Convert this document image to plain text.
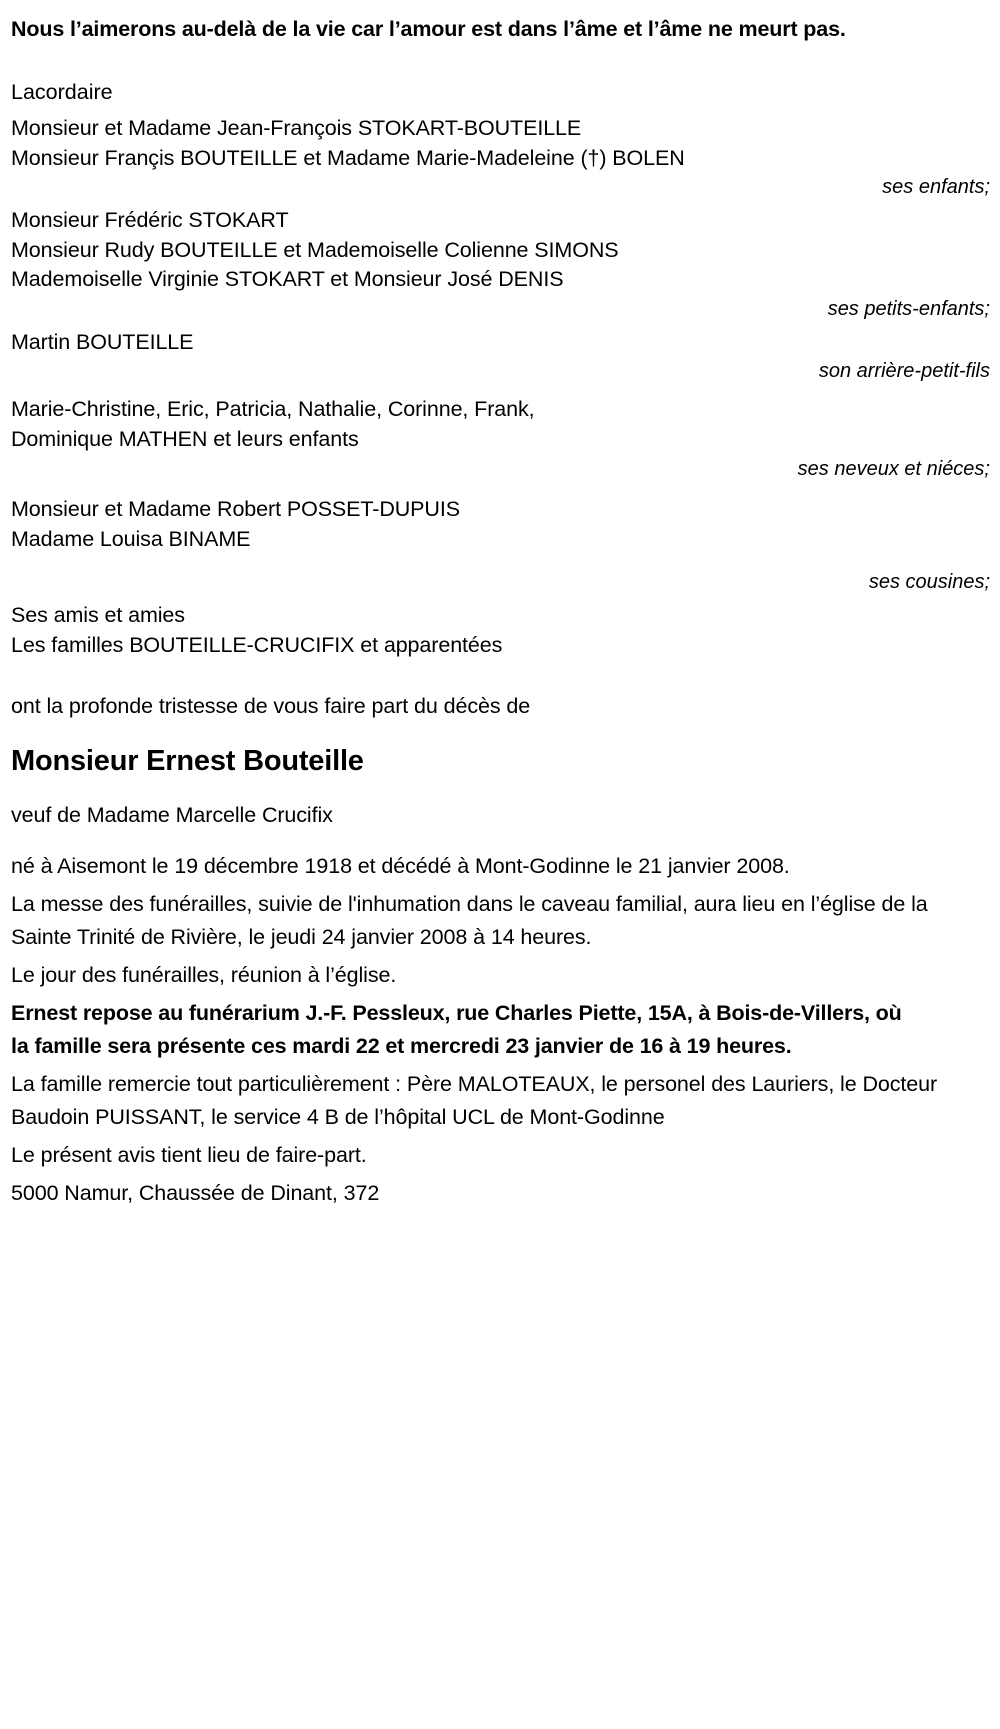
Nous l’aimerons au-delà de la vie car l’amour est dans l’âme et l’âme ne meurt pas.
Lacordaire
Monsieur et Madame Jean-François STOKART-BOUTEILLE
Monsieur Françis BOUTEILLE et Madame Marie-Madeleine (†) BOLEN
ses enfants;
Monsieur Frédéric STOKART
Monsieur Rudy BOUTEILLE et Mademoiselle Colienne SIMONS
Mademoiselle Virginie STOKART et Monsieur José DENIS
ses petits-enfants;
Martin BOUTEILLE
son arrière-petit-fils
Marie-Christine, Eric, Patricia, Nathalie, Corinne, Frank,
Dominique MATHEN et leurs enfants
ses neveux et niéces;
Monsieur et Madame Robert POSSET-DUPUIS
Madame Louisa BINAME
ses cousines;
Ses amis et amies
Les familles BOUTEILLE-CRUCIFIX et apparentées
ont la profonde tristesse de vous faire part du décès de
Monsieur Ernest Bouteille
veuf de Madame Marcelle Crucifix
né à Aisemont le 19 décembre 1918 et décédé à Mont-Godinne le 21 janvier 2008.
La messe des funérailles, suivie de l'inhumation dans le caveau familial, aura lieu en l’église de la Sainte Trinité de Rivière, le jeudi 24 janvier 2008 à 14 heures.
Le jour des funérailles, réunion à l’église.
Ernest repose au funérarium J.-F. Pessleux, rue Charles Piette, 15A, à Bois-de-Villers, où la famille sera présente ces mardi 22 et mercredi 23 janvier de 16 à 19 heures.
La famille remercie tout particulièrement : Père MALOTEAUX, le personel des Lauriers, le Docteur Baudoin PUISSANT, le service 4 B de l’hôpital UCL de Mont-Godinne
Le présent avis tient lieu de faire-part.
5000 Namur, Chaussée de Dinant, 372
